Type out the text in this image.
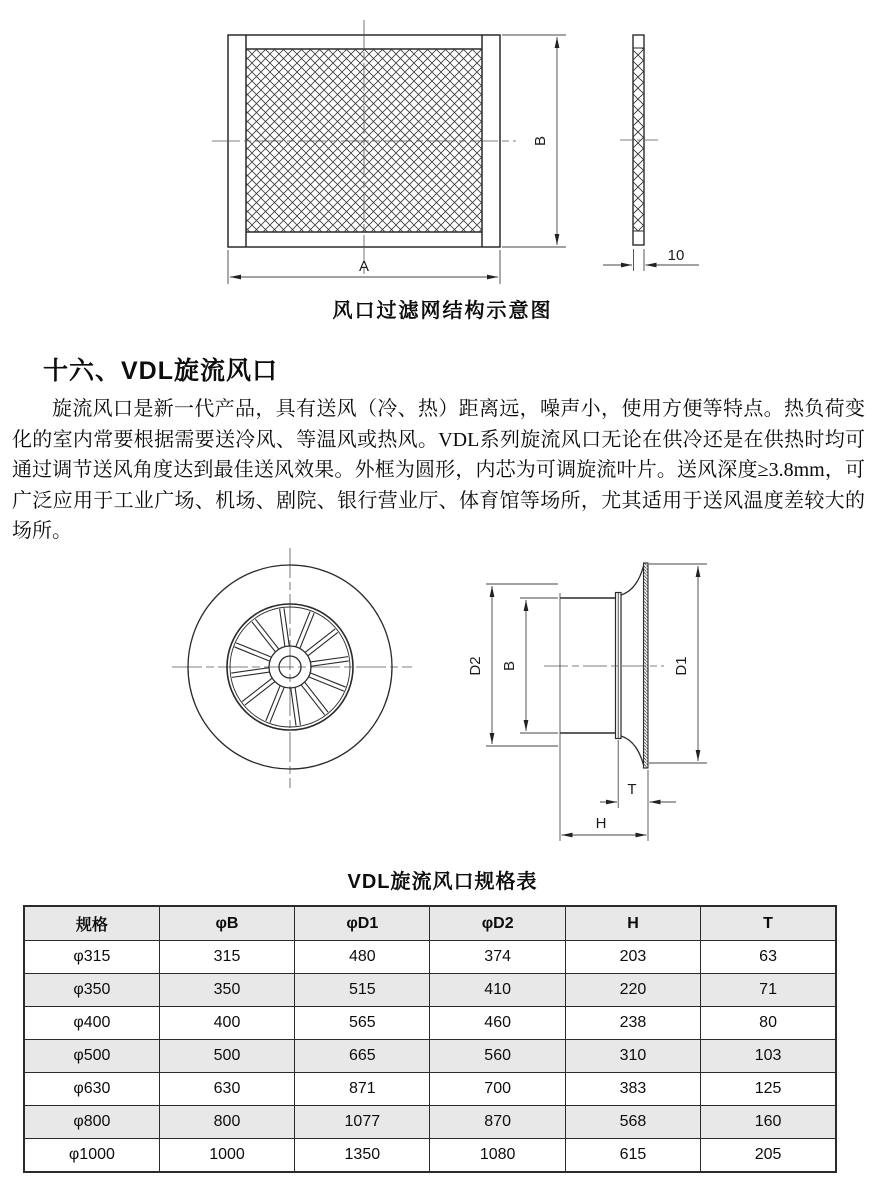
B
A
10
风口过滤网结构示意图
十六、VDL旋流风口
旋流风口是新一代产品，具有送风（冷、热）距离远，噪声小，使用方便等特点。热负荷变化的室内常要根据需要送冷风、等温风或热风。VDL系列旋流风口无论在供冷还是在供热时均可通过调节送风角度达到最佳送风效果。外框为圆形，内芯为可调旋流叶片。送风深度≥3.8mm，可广泛应用于工业广场、机场、剧院、银行营业厅、体育馆等场所，尤其适用于送风温度差较大的场所。
D2 B	D1
T
H
VDL旋流风口规格表
规格	φB	φD1	φD2	H	T
φ315	315	480	374	203	63
φ350	350	515	410	220	71
φ400	400	565	460	238	80
φ500	500	665	560	310	103
φ630	630	871	700	383	125
φ800	800	1077	870	568	160
φ1000	1000	1350	1080	615	205
